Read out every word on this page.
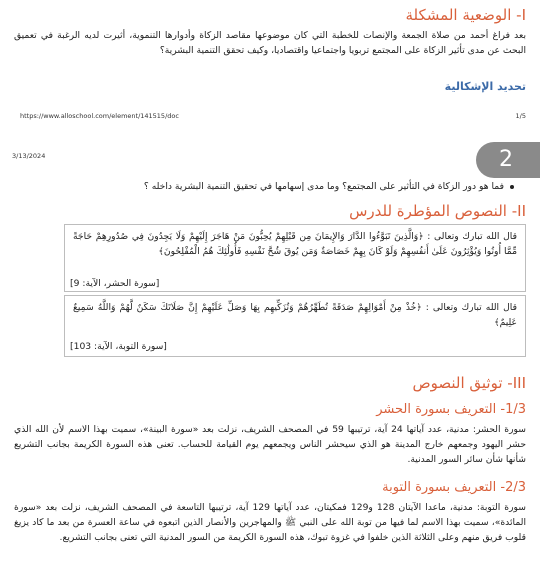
I- الوضعية المشكلة
بعد فراغ أحمد من صلاة الجمعة والإنصات للخطبة التي كان موضوعها مقاصد الزكاة وأدوارها التنموية، أثيرت لديه الرغبة في تعميق البحث عن مدى تأثير الزكاة على المجتمع تربويا واجتماعيا واقتصاديا، وكيف تحقق التنمية البشرية؟
تحديد الإشكالية
https://www.alloschool.com/element/141515/doc	1/5
II- النصوص المؤطرة للدرس
قال الله تبارك وتعالى : ﴿وَالَّذِينَ تَبَوَّءُوا الدَّارَ وَالإِيمَانَ مِن قَبْلِهِمْ يُحِبُّونَ مَنْ هَاجَرَ إِلَيْهِمْ وَلَا يَجِدُونَ فِي صُدُورِهِمْ حَاجَةً مِّمَّا أُوتُوا وَيُؤْثِرُونَ عَلَىٰ أَنفُسِهِمْ وَلَوْ كَانَ بِهِمْ خَصَاصَةٌ وَمَن يُوقَ شُحَّ نَفْسِهِ فَأُولَٰئِكَ هُمُ الْمُفْلِحُونَ﴾
[سورة الحشر، الآية: 9]
قال الله تبارك وتعالى : ﴿خُذْ مِنْ أَمْوَالِهِمْ صَدَقَةً تُطَهِّرُهُمْ وَتُزَكِّيهِم بِهَا وَصَلِّ عَلَيْهِمْ إِنَّ صَلَاتَكَ سَكَنٌ لَّهُمْ وَاللَّهُ سَمِيعٌ عَلِيمٌ﴾
[سورة التوبة، الآية: 103]
III- توثيق النصوص
1/3- التعريف بسورة الحشر
سورة الحشر: مدنية، عدد آياتها 24 آية، ترتيبها 59 في المصحف الشريف، نزلت بعد «سورة البينة»، سميت بهذا الاسم لأن الله الذي حشر اليهود وجمعهم خارج المدينة هو الذي سيحشر الناس ويجمعهم يوم القيامة للحساب. تعنى هذه السورة الكريمة بجانب التشريع شأنها شأن سائر السور المدنية.
2/3- التعريف بسورة التوبة
سورة التوبة: مدنية، ماعدا الآيتان 128 و129 فمكيتان، عدد آياتها 129 آية، ترتيبها التاسعة في المصحف الشريف، نزلت بعد «سورة المائدة»، سميت بهذا الاسم لما فيها من توبة الله على النبي ﷺ والمهاجرين والأنصار الذين اتبعوه في ساعة العسرة من بعد ما كاد يزيغ قلوب فريق منهم وعلى الثلاثة الذين خلفوا في غزوة تبوك، هذه السورة الكريمة من السور المدنية التي تعنى بجانب التشريع.
3/13/2024	2
فما هو دور الزكاة في التأثير على المجتمع؟ وما مدى إسهامها في تحقيق التنمية البشرية داخله ؟
